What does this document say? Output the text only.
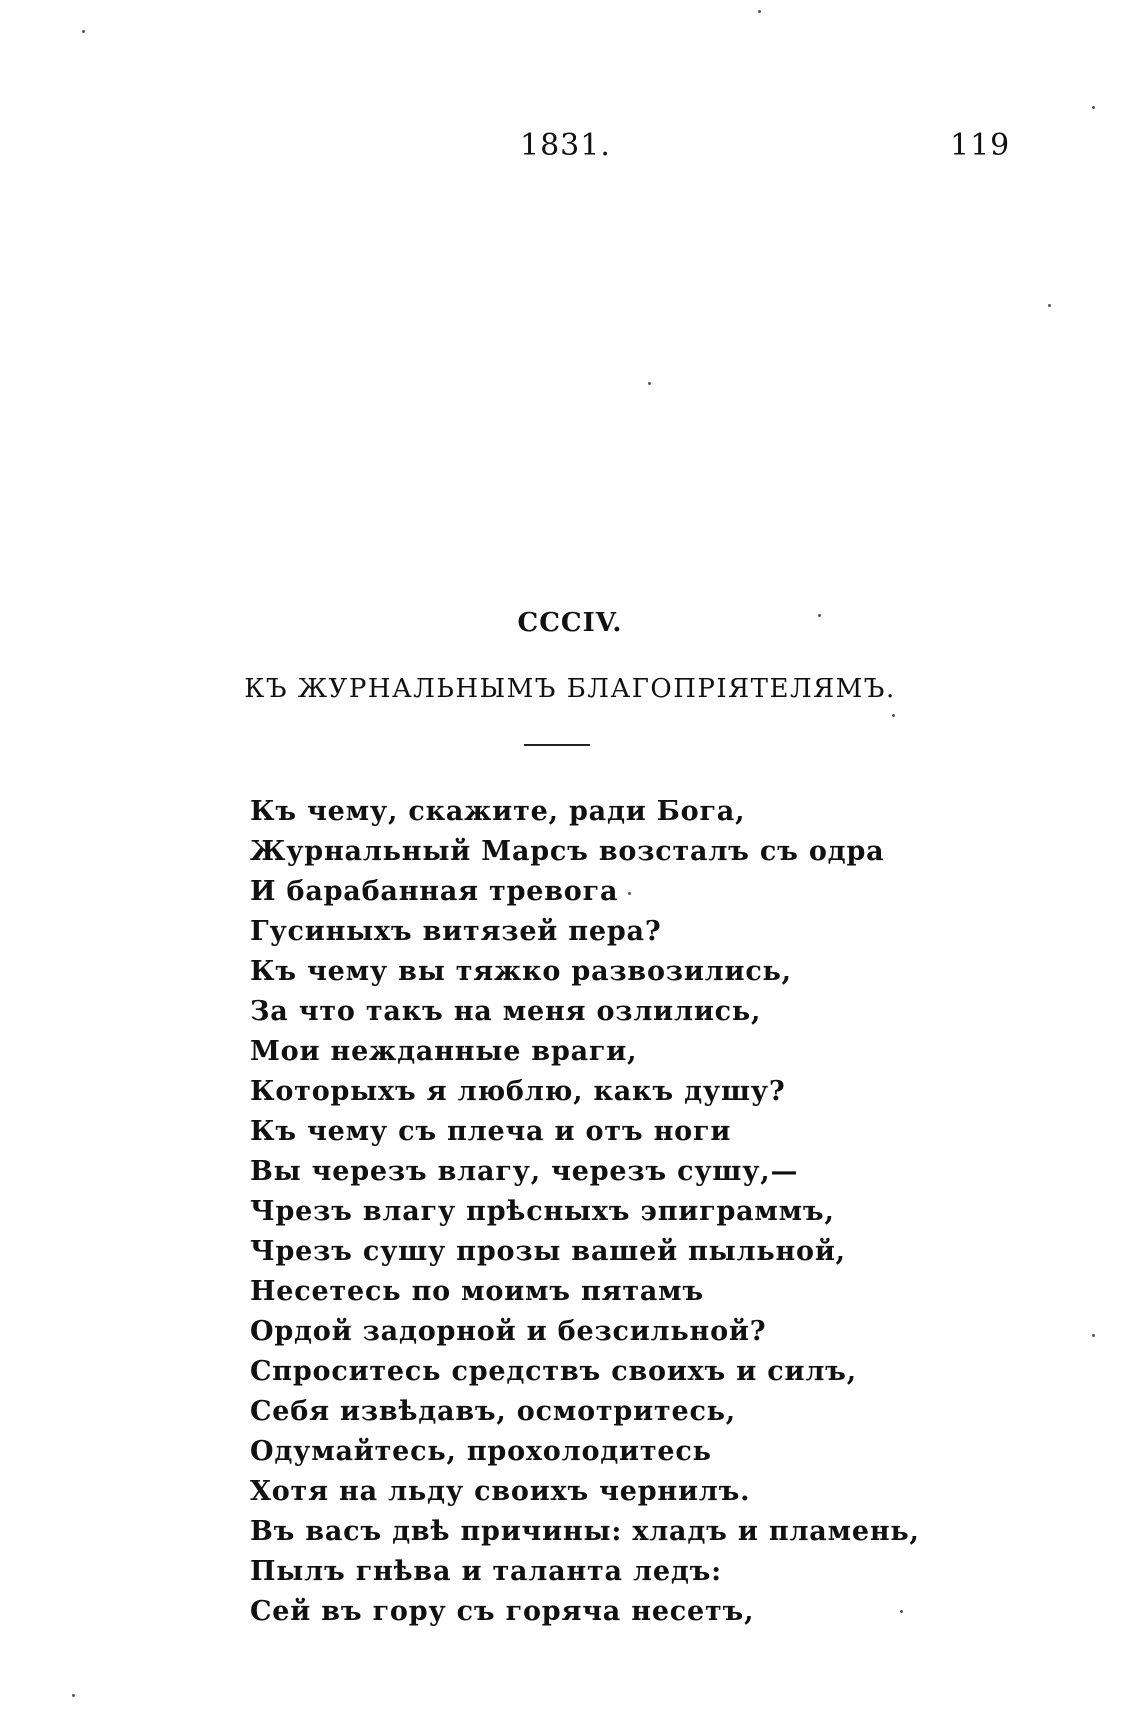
1831.	119
CCCIV.
КЪ ЖУРНАЛЬНЫМЪ БЛАГОПРІЯТЕЛЯМЪ.
Къ чему, скажите, ради Бога,
Журнальный Марсъ возсталъ съ одра
И барабанная тревога
Гусиныхъ витязей пера?
Къ чему вы тяжко развозились,
За что такъ на меня озлились,
Мои нежданные враги,
Которыхъ я люблю, какъ душу?
Къ чему съ плеча и отъ ноги
Вы черезъ влагу, черезъ сушу,—
Чрезъ влагу прѣсныхъ эпиграммъ,
Чрезъ сушу прозы вашей пыльной,
Несетесь по моимъ пятамъ
Ордой задорной и безсильной?
Спроситесь средствъ своихъ и силъ,
Себя извѣдавъ, осмотритесь,
Одумайтесь, прохолодитесь
Хотя на льду своихъ чернилъ.
Въ васъ двѣ причины: хладъ и пламень,
Пылъ гнѣва и таланта ледъ:
Сей въ гору съ горяча несетъ,
